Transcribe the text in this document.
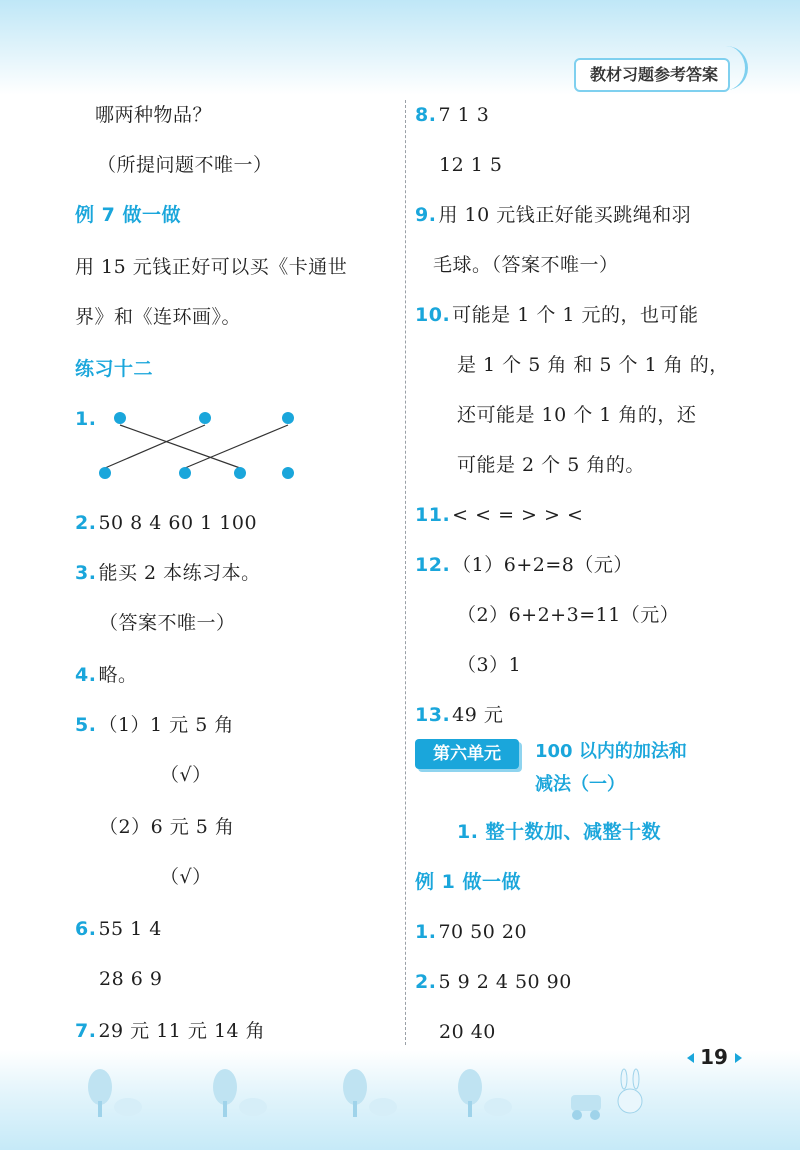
教材习题参考答案
哪两种物品？
（所提问题不唯一）
例 7 做一做
用 15 元钱正好可以买《卡通世
界》和《连环画》。
练习十二
1.
2. 50 8 4 60 1 100
3. 能买 2 本练习本。
（答案不唯一）
4. 略。
5. （1）1 元 5 角
（√）
（2）6 元 5 角
（√）
6. 55 1 4
28 6 9
7. 29 元 11 元 14 角
8. 7 1 3
12 1 5
9. 用 10 元钱正好能买跳绳和羽
毛球。（答案不唯一）
10. 可能是 1 个 1 元的，也可能
是 1 个 5 角 和 5 个 1 角 的，
还可能是 10 个 1 角的，还
可能是 2 个 5 角的。
11. < < = > > <
12. （1）6+2=8（元）
（2）6+2+3=11（元）
（3）1
13. 49 元
第六单元	100 以内的加法和
减法（一）
1. 整十数加、减整十数
例 1 做一做
1. 70 50 20
2. 5 9 2 4 50 90
20 40
19
